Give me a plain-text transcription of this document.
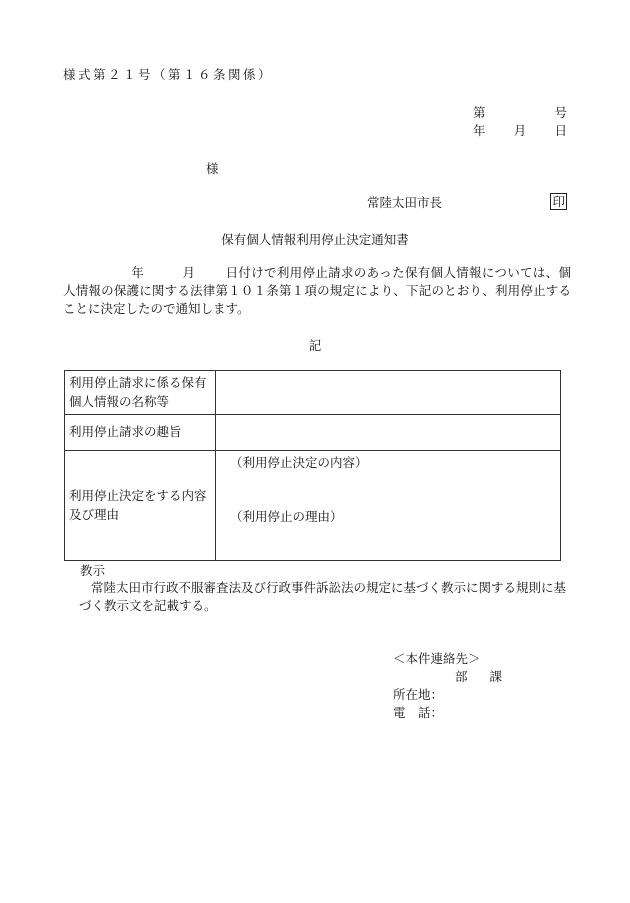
様式第２１号（第１６条関係）
第	号
年 月 日
様
常陸太田市長	印
保有個人情報利用停止決定通知書
年	月 日付けで利用停止請求のあった保有個人情報については、個人情報の保護に関する法律第１０１条第１項の規定により、下記のとおり、利用停止することに決定したので通知します。
記
利用停止請求に係る保有個人情報の名称等	
利用停止請求の趣旨	
利用停止決定をする内容及び理由	（利用停止決定の内容）
（利用停止の理由）
教示
常陸太田市行政不服審査法及び行政事件訴訟法の規定に基づく教示に関する規則に基づく教示文を記載する。
＜本件連絡先＞
部 課
所在地：
電　話：
